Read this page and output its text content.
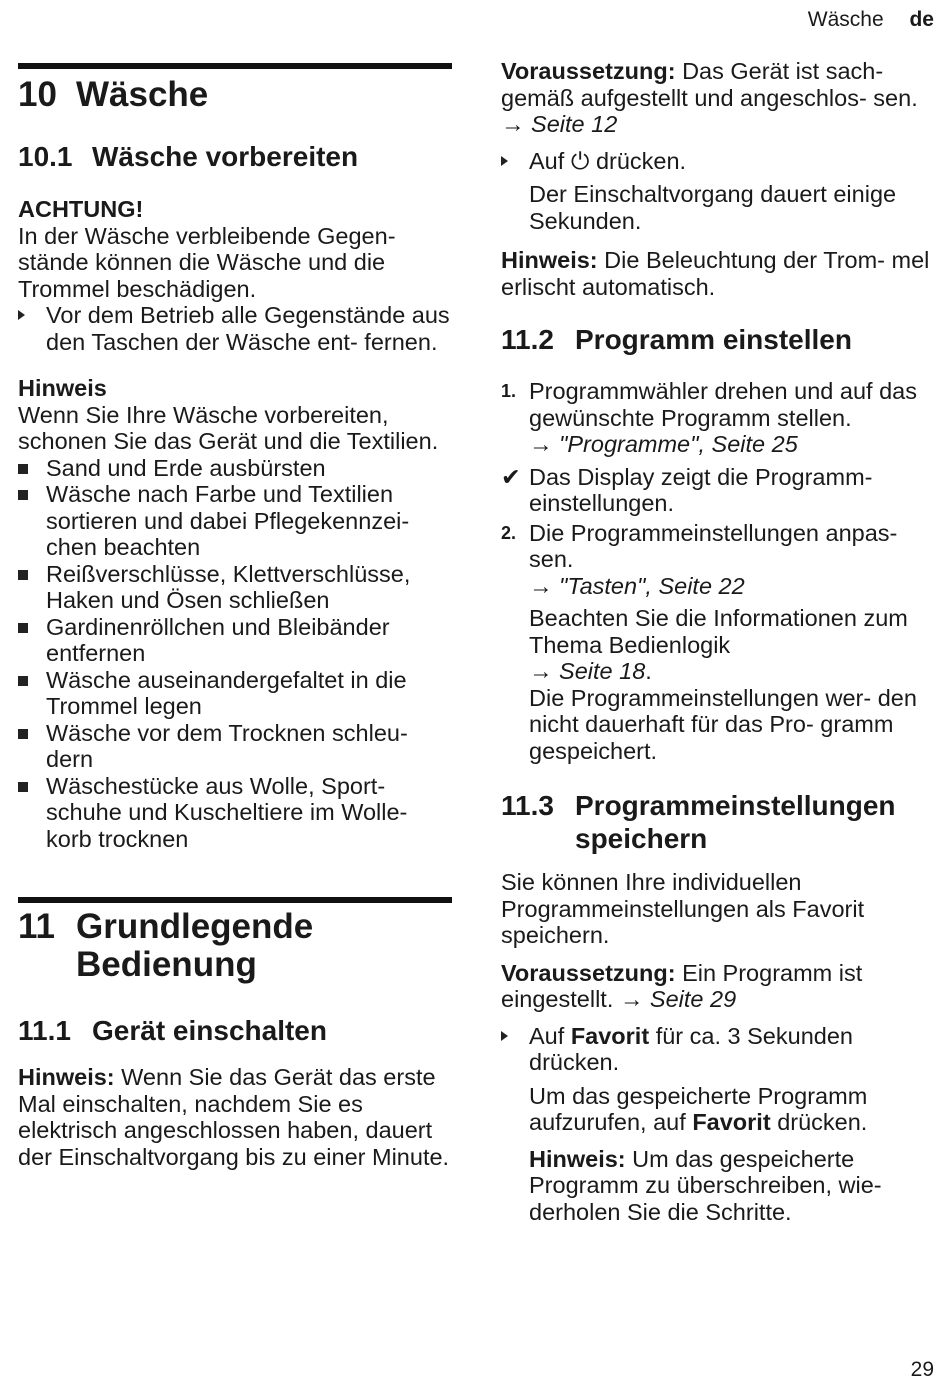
Wäsche de
10 Wäsche
10.1 Wäsche vorbereiten

ACHTUNG!

In der Wäsche verbleibende Gegen- stände können die Wäsche und die Trommel beschädigen.

Vor dem Betrieb alle Gegenstände aus den Taschen der Wäsche ent- fernen.

Hinweis

Wenn Sie Ihre Wäsche vorbereiten, schonen Sie das Gerät und die Textilien.

Sand und Erde ausbürsten
Wäsche nach Farbe und Textilien sortieren und dabei Pflegekennzei- chen beachten
Reißverschlüsse, Klettverschlüsse, Haken und Ösen schließen
Gardinenröllchen und Bleibänder entfernen
Wäsche auseinandergefaltet in die Trommel legen
Wäsche vor dem Trocknen schleu- dern
Wäschestücke aus Wolle, Sport- schuhe und Kuscheltiere im Wolle- korb trocknen
11 Grundlegende Bedienung
11.1 Gerät einschalten

Hinweis: Wenn Sie das Gerät das erste Mal einschalten, nachdem Sie es elektrisch angeschlossen haben, dauert der Einschaltvorgang bis zu einer Minute.

Voraussetzung: Das Gerät ist sach- gemäß aufgestellt und angeschlos- sen. → Seite 12

Auf ⏻ drücken.

Der Einschaltvorgang dauert einige Sekunden.

Hinweis: Die Beleuchtung der Trom- mel erlischt automatisch.

11.2 Programm einstellen
1. Programmwähler drehen und auf das gewünschte Programm stellen.
→ "Programme", Seite 25
✔ Das Display zeigt die Programm- einstellungen.
2. Die Programmeinstellungen anpas- sen.
→ "Tasten", Seite 22

Beachten Sie die Informationen zum Thema Bedienlogik
→ Seite 18.
Die Programmeinstellungen wer- den nicht dauerhaft für das Pro- gramm gespeichert.

11.3 Programmeinstellungen speichern

Sie können Ihre individuellen Programmeinstellungen als Favorit speichern.

Voraussetzung: Ein Programm ist eingestellt. → Seite 29

Auf Favorit für ca. 3 Sekunden drücken.

Um das gespeicherte Programm aufzurufen, auf Favorit drücken.

Hinweis: Um das gespeicherte Programm zu überschreiben, wie- derholen Sie die Schritte.

29
